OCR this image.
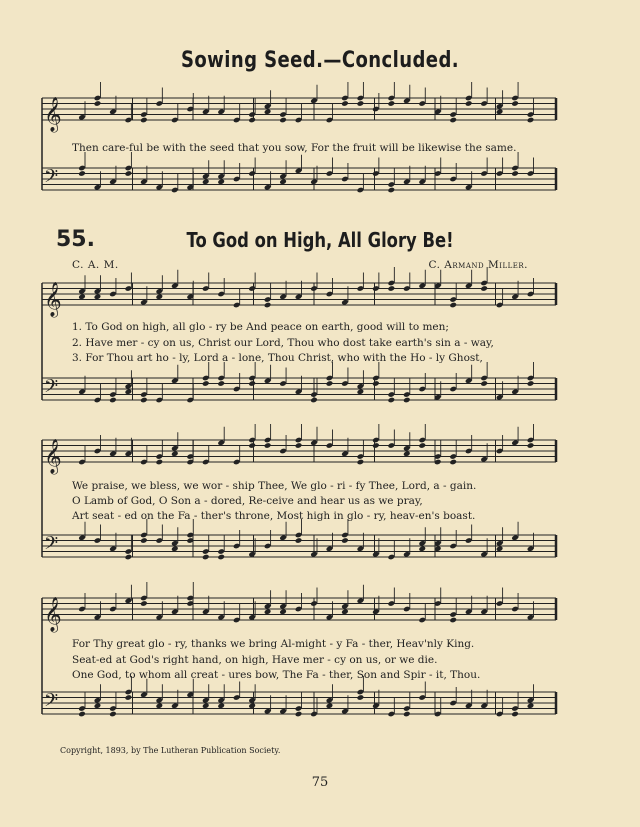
𝄞
𝄢
𝄞
𝄢
𝄞
𝄢
𝄞
𝄢
Sowing Seed.—Concluded.
Then care-ful be with the seed that you sow, For the fruit will be likewise the same.
55.	To God on High, All Glory Be!
C. A. M.	C. Armand Miller.
1. To God on high, all glo - ry be And peace on earth, good will to men;
2. Have mer - cy on us, Christ our Lord, Thou who dost take earth's sin a - way,
3. For Thou art ho - ly, Lord a - lone, Thou Christ, who with the Ho - ly Ghost,
We praise, we bless, we wor - ship Thee, We glo - ri - fy Thee, Lord, a - gain.
O Lamb of God, O Son a - dored, Re-ceive and hear us as we pray,
Art seat - ed on the Fa - ther's throne, Most high in glo - ry, heav-en's boast.
For Thy great glo - ry, thanks we bring Al-might - y Fa - ther, Heav'nly King.
Seat-ed at God's right hand, on high, Have mer - cy on us, or we die.
One God, to whom all creat - ures bow, The Fa - ther, Son and Spir - it, Thou.
Copyright, 1893, by The Lutheran Publication Society.
75
